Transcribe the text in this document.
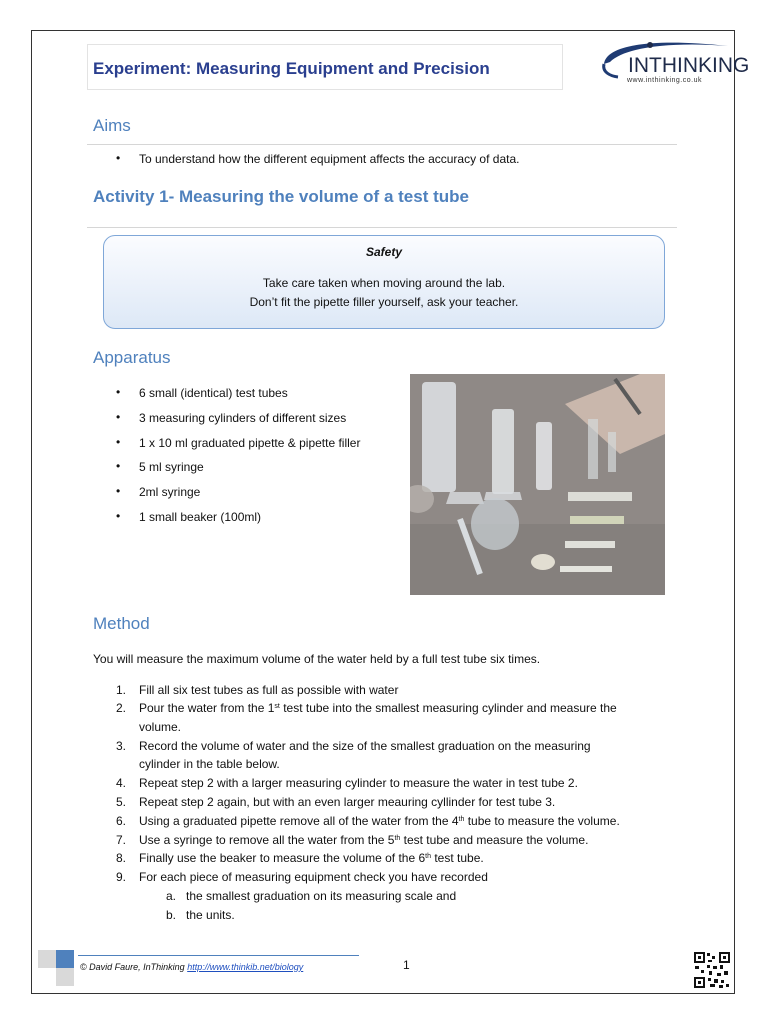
Experiment: Measuring Equipment and Precision	INTHINKING
www.inthinking.co.uk
Aims
• To understand how the different equipment affects the accuracy of data.
Activity 1- Measuring the volume of a test tube
Safety
Take care taken when moving around the lab.
Don’t fit the pipette filler yourself, ask your teacher.
Apparatus
• 6 small (identical) test tubes
• 3 measuring cylinders of different sizes
• 1 x 10 ml graduated pipette & pipette filler
• 5 ml syringe
• 2ml syringe
• 1 small beaker (100ml)
Method
You will measure the maximum volume of the water held by a full test tube six times.
1. Fill all six test tubes as full as possible with water
2. Pour the water from the 1st test tube into the smallest measuring cylinder and measure the
volume.
3. Record the volume of water and the size of the smallest graduation on the measuring
cylinder in the table below.
4. Repeat step 2 with a larger measuring cylinder to measure the water in test tube 2.
5. Repeat step 2 again, but with an even larger meauring cyllinder for test tube 3.
6. Using a graduated pipette remove all of the water from the 4th tube to measure the volume.
7. Use a syringe to remove all the water from the 5th test tube and measure the volume.
8. Finally use the beaker to measure the volume of the 6th test tube.
9. For each piece of measuring equipment check you have recorded
a. the smallest graduation on its measuring scale and
b. the units.
© David Faure, InThinking http://www.thinkib.net/biology	1
